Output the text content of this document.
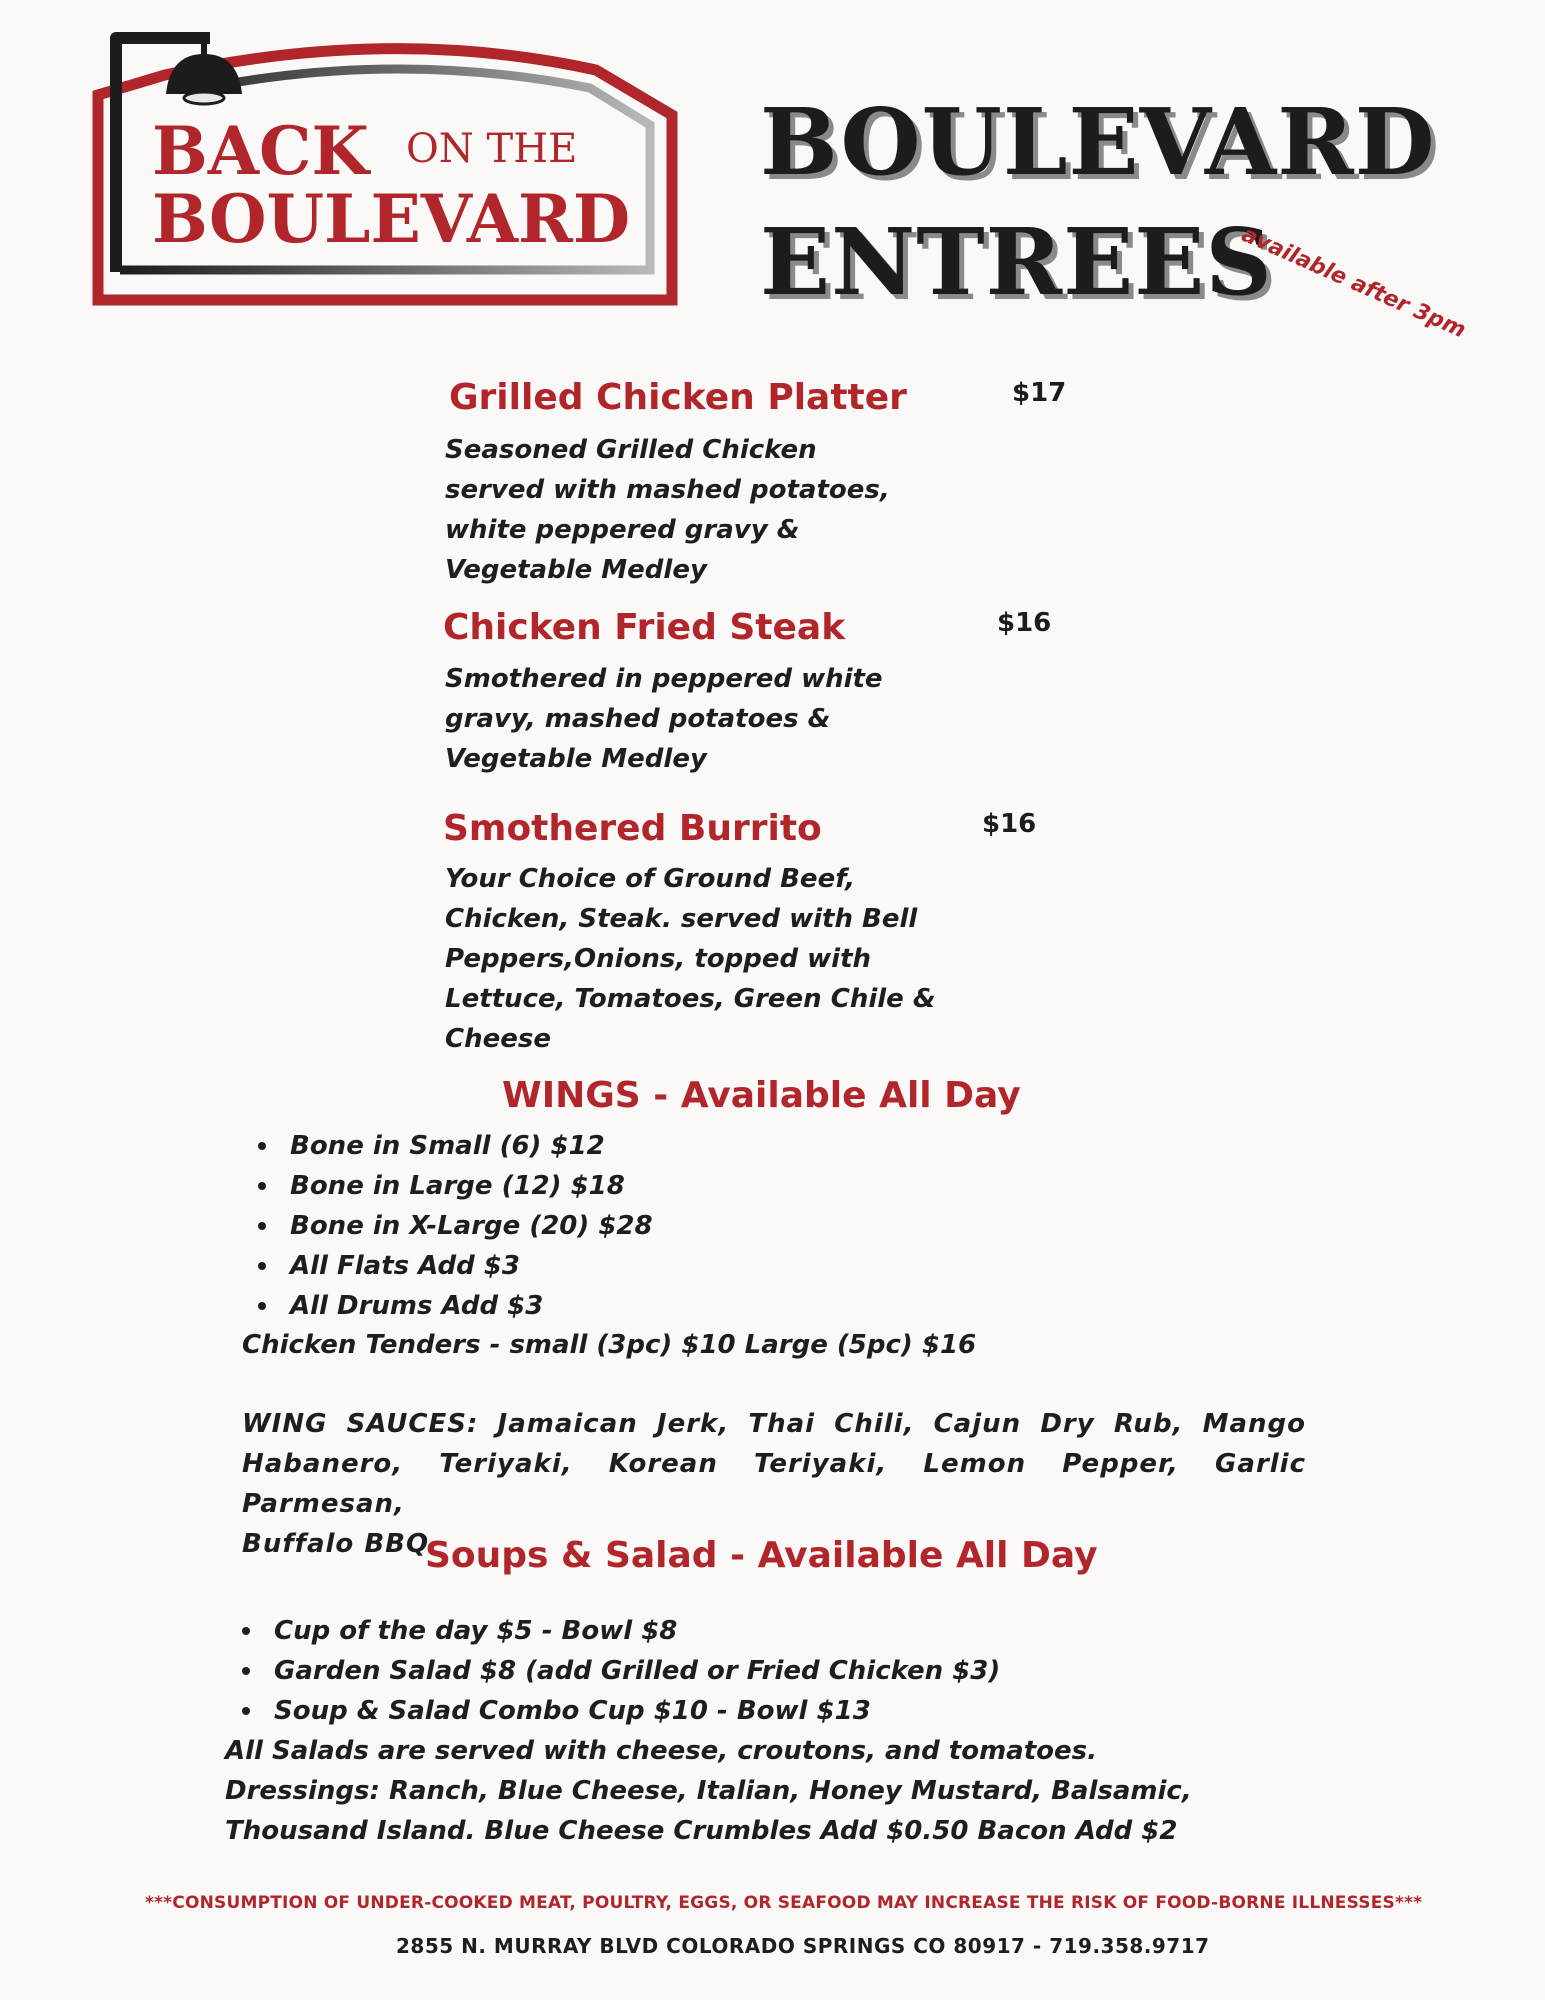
BACK ON THE
BOULEVARD
BOULEVARD
ENTREES
available after 3pm
Grilled Chicken Platter	$17
Seasoned Grilled Chicken
served with mashed potatoes,
white peppered gravy &
Vegetable Medley
Chicken Fried Steak	$16
Smothered in peppered white
gravy, mashed potatoes &
Vegetable Medley
Smothered Burrito	$16
Your Choice of Ground Beef,
Chicken, Steak. served with Bell
Peppers,Onions, topped with
Lettuce, Tomatoes, Green Chile &
Cheese
WINGS - Available All Day
Bone in Small (6) $12
Bone in Large (12) $18
Bone in X-Large (20) $28
All Flats Add $3
All Drums Add $3
Chicken Tenders - small (3pc) $10 Large (5pc) $16
WING SAUCES: Jamaican Jerk, Thai Chili, Cajun Dry Rub, Mango
Habanero, Teriyaki, Korean Teriyaki, Lemon Pepper, Garlic Parmesan,
Buffalo BBQ
Soups & Salad - Available All Day
Cup of the day $5 - Bowl $8
Garden Salad $8 (add Grilled or Fried Chicken $3)
Soup & Salad Combo Cup $10 - Bowl $13
All Salads are served with cheese, croutons, and tomatoes.
Dressings: Ranch, Blue Cheese, Italian, Honey Mustard, Balsamic,
Thousand Island. Blue Cheese Crumbles Add $0.50 Bacon Add $2
***CONSUMPTION OF UNDER-COOKED MEAT, POULTRY, EGGS, OR SEAFOOD MAY INCREASE THE RISK OF FOOD-BORNE ILLNESSES***
2855 N. MURRAY BLVD COLORADO SPRINGS CO 80917 - 719.358.9717
